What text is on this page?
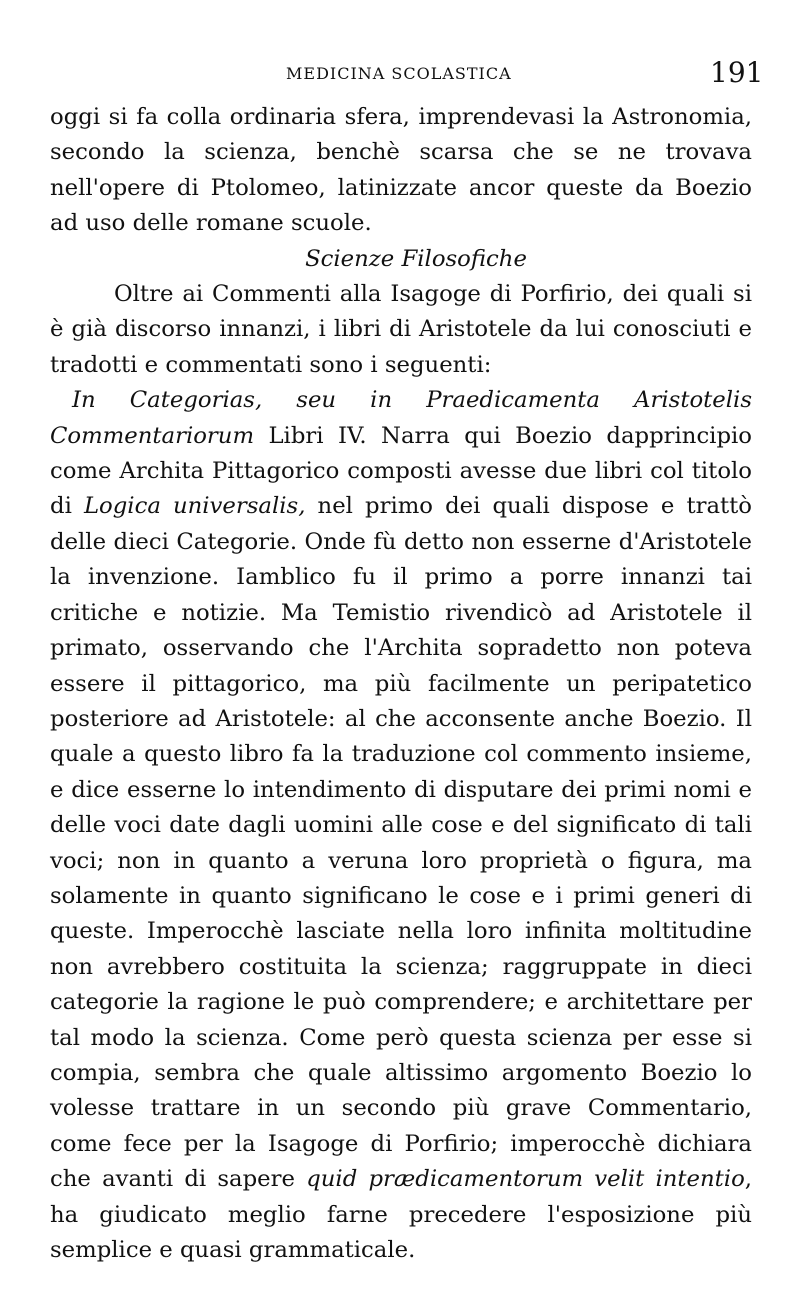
MEDICINA SCOLASTICA	191

oggi si fa colla ordinaria sfera, imprendevasi la Astronomia, secondo la scienza, benchè scarsa che se ne trovava nell'opere di Ptolomeo, latinizzate ancor queste da Boezio ad uso delle romane scuole.

Scienze Filosofiche

Oltre ai Commenti alla Isagoge di Porfirio, dei quali si è già discorso innanzi, i libri di Aristotele da lui conosciuti e tradotti e commentati sono i seguenti:

In Categorias, seu in Praedicamenta Aristotelis Commentariorum Libri IV. Narra qui Boezio dapprincipio come Archita Pittagorico composti avesse due libri col titolo di Logica universalis, nel primo dei quali dispose e trattò delle dieci Categorie. Onde fù detto non esserne d'Aristotele la invenzione. Iamblico fu il primo a porre innanzi tai critiche e notizie. Ma Temistio rivendicò ad Aristotele il primato, osservando che l'Archita sopradetto non poteva essere il pittagorico, ma più facilmente un peripatetico posteriore ad Aristotele: al che acconsente anche Boezio. Il quale a questo libro fa la traduzione col commento insieme, e dice esserne lo intendimento di disputare dei primi nomi e delle voci date dagli uomini alle cose e del significato di tali voci; non in quanto a veruna loro proprietà o figura, ma solamente in quanto significano le cose e i primi generi di queste. Imperocchè lasciate nella loro infinita moltitudine non avrebbero costituita la scienza; raggruppate in dieci categorie la ragione le può comprendere; e architettare per tal modo la scienza. Come però questa scienza per esse si compia, sembra che quale altissimo argomento Boezio lo volesse trattare in un secondo più grave Commentario, come fece per la Isagoge di Porfirio; imperocchè dichiara che avanti di sapere quid prædicamentorum velit intentio, ha giudicato meglio farne precedere l'esposizione più semplice e quasi grammaticale.
